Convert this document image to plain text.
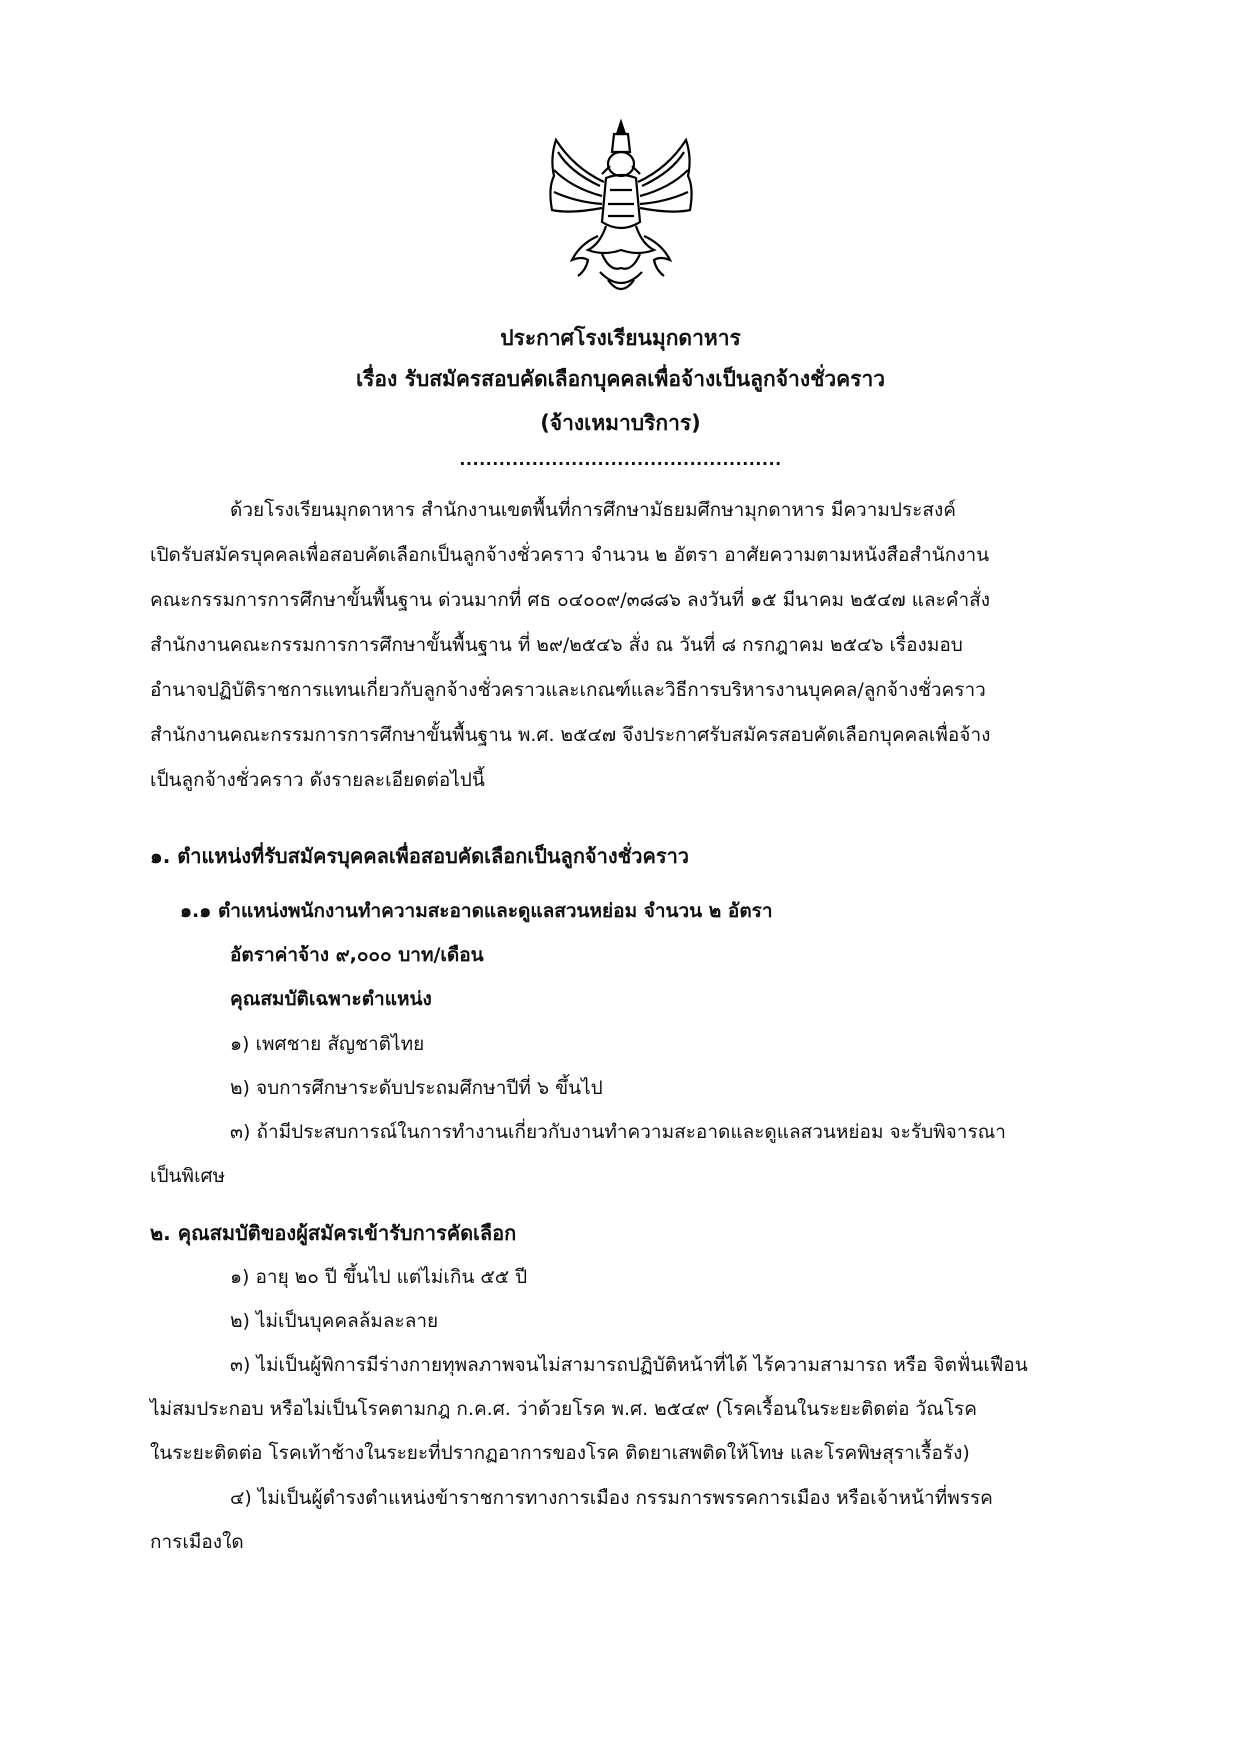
ประกาศโรงเรียนมุกดาหาร
เรื่อง รับสมัครสอบคัดเลือกบุคคลเพื่อจ้างเป็นลูกจ้างชั่วคราว
(จ้างเหมาบริการ)
.................................................
ด้วยโรงเรียนมุกดาหาร สำนักงานเขตพื้นที่การศึกษามัธยมศึกษามุกดาหาร มีความประสงค์
เปิดรับสมัครบุคคลเพื่อสอบคัดเลือกเป็นลูกจ้างชั่วคราว จำนวน ๒ อัตรา อาศัยความตามหนังสือสำนักงาน
คณะกรรมการการศึกษาขั้นพื้นฐาน ด่วนมากที่ ศธ ๐๔๐๐๙/๓๘๘๖ ลงวันที่ ๑๕ มีนาคม ๒๕๔๗ และคำสั่ง
สำนักงานคณะกรรมการการศึกษาขั้นพื้นฐาน ที่ ๒๙/๒๕๔๖ สั่ง ณ วันที่ ๘ กรกฎาคม ๒๕๔๖ เรื่องมอบ
อำนาจปฏิบัติราชการแทนเกี่ยวกับลูกจ้างชั่วคราวและเกณฑ์และวิธีการบริหารงานบุคคล/ลูกจ้างชั่วคราว
สำนักงานคณะกรรมการการศึกษาขั้นพื้นฐาน พ.ศ. ๒๕๔๗ จึงประกาศรับสมัครสอบคัดเลือกบุคคลเพื่อจ้าง
เป็นลูกจ้างชั่วคราว ดังรายละเอียดต่อไปนี้
๑. ตำแหน่งที่รับสมัครบุคคลเพื่อสอบคัดเลือกเป็นลูกจ้างชั่วคราว
๑.๑ ตำแหน่งพนักงานทำความสะอาดและดูแลสวนหย่อม จำนวน ๒ อัตรา
อัตราค่าจ้าง ๙,๐๐๐ บาท/เดือน
คุณสมบัติเฉพาะตำแหน่ง
๑) เพศชาย สัญชาติไทย
๒) จบการศึกษาระดับประถมศึกษาปีที่ ๖ ขึ้นไป
๓) ถ้ามีประสบการณ์ในการทำงานเกี่ยวกับงานทำความสะอาดและดูแลสวนหย่อม จะรับพิจารณา
เป็นพิเศษ
๒. คุณสมบัติของผู้สมัครเข้ารับการคัดเลือก
๑) อายุ ๒๐ ปี ขึ้นไป แต่ไม่เกิน ๕๕ ปี
๒) ไม่เป็นบุคคลล้มละลาย
๓) ไม่เป็นผู้พิการมีร่างกายทุพลภาพจนไม่สามารถปฏิบัติหน้าที่ได้ ไร้ความสามารถ หรือ จิตฟั่นเฟือน
ไม่สมประกอบ หรือไม่เป็นโรคตามกฎ ก.ค.ศ. ว่าด้วยโรค พ.ศ. ๒๕๔๙ (โรคเรื้อนในระยะติดต่อ วัณโรค
ในระยะติดต่อ โรคเท้าช้างในระยะที่ปรากฏอาการของโรค ติดยาเสพติดให้โทษ และโรคพิษสุราเรื้อรัง)
๔) ไม่เป็นผู้ดำรงตำแหน่งข้าราชการทางการเมือง กรรมการพรรคการเมือง หรือเจ้าหน้าที่พรรค
การเมืองใด
